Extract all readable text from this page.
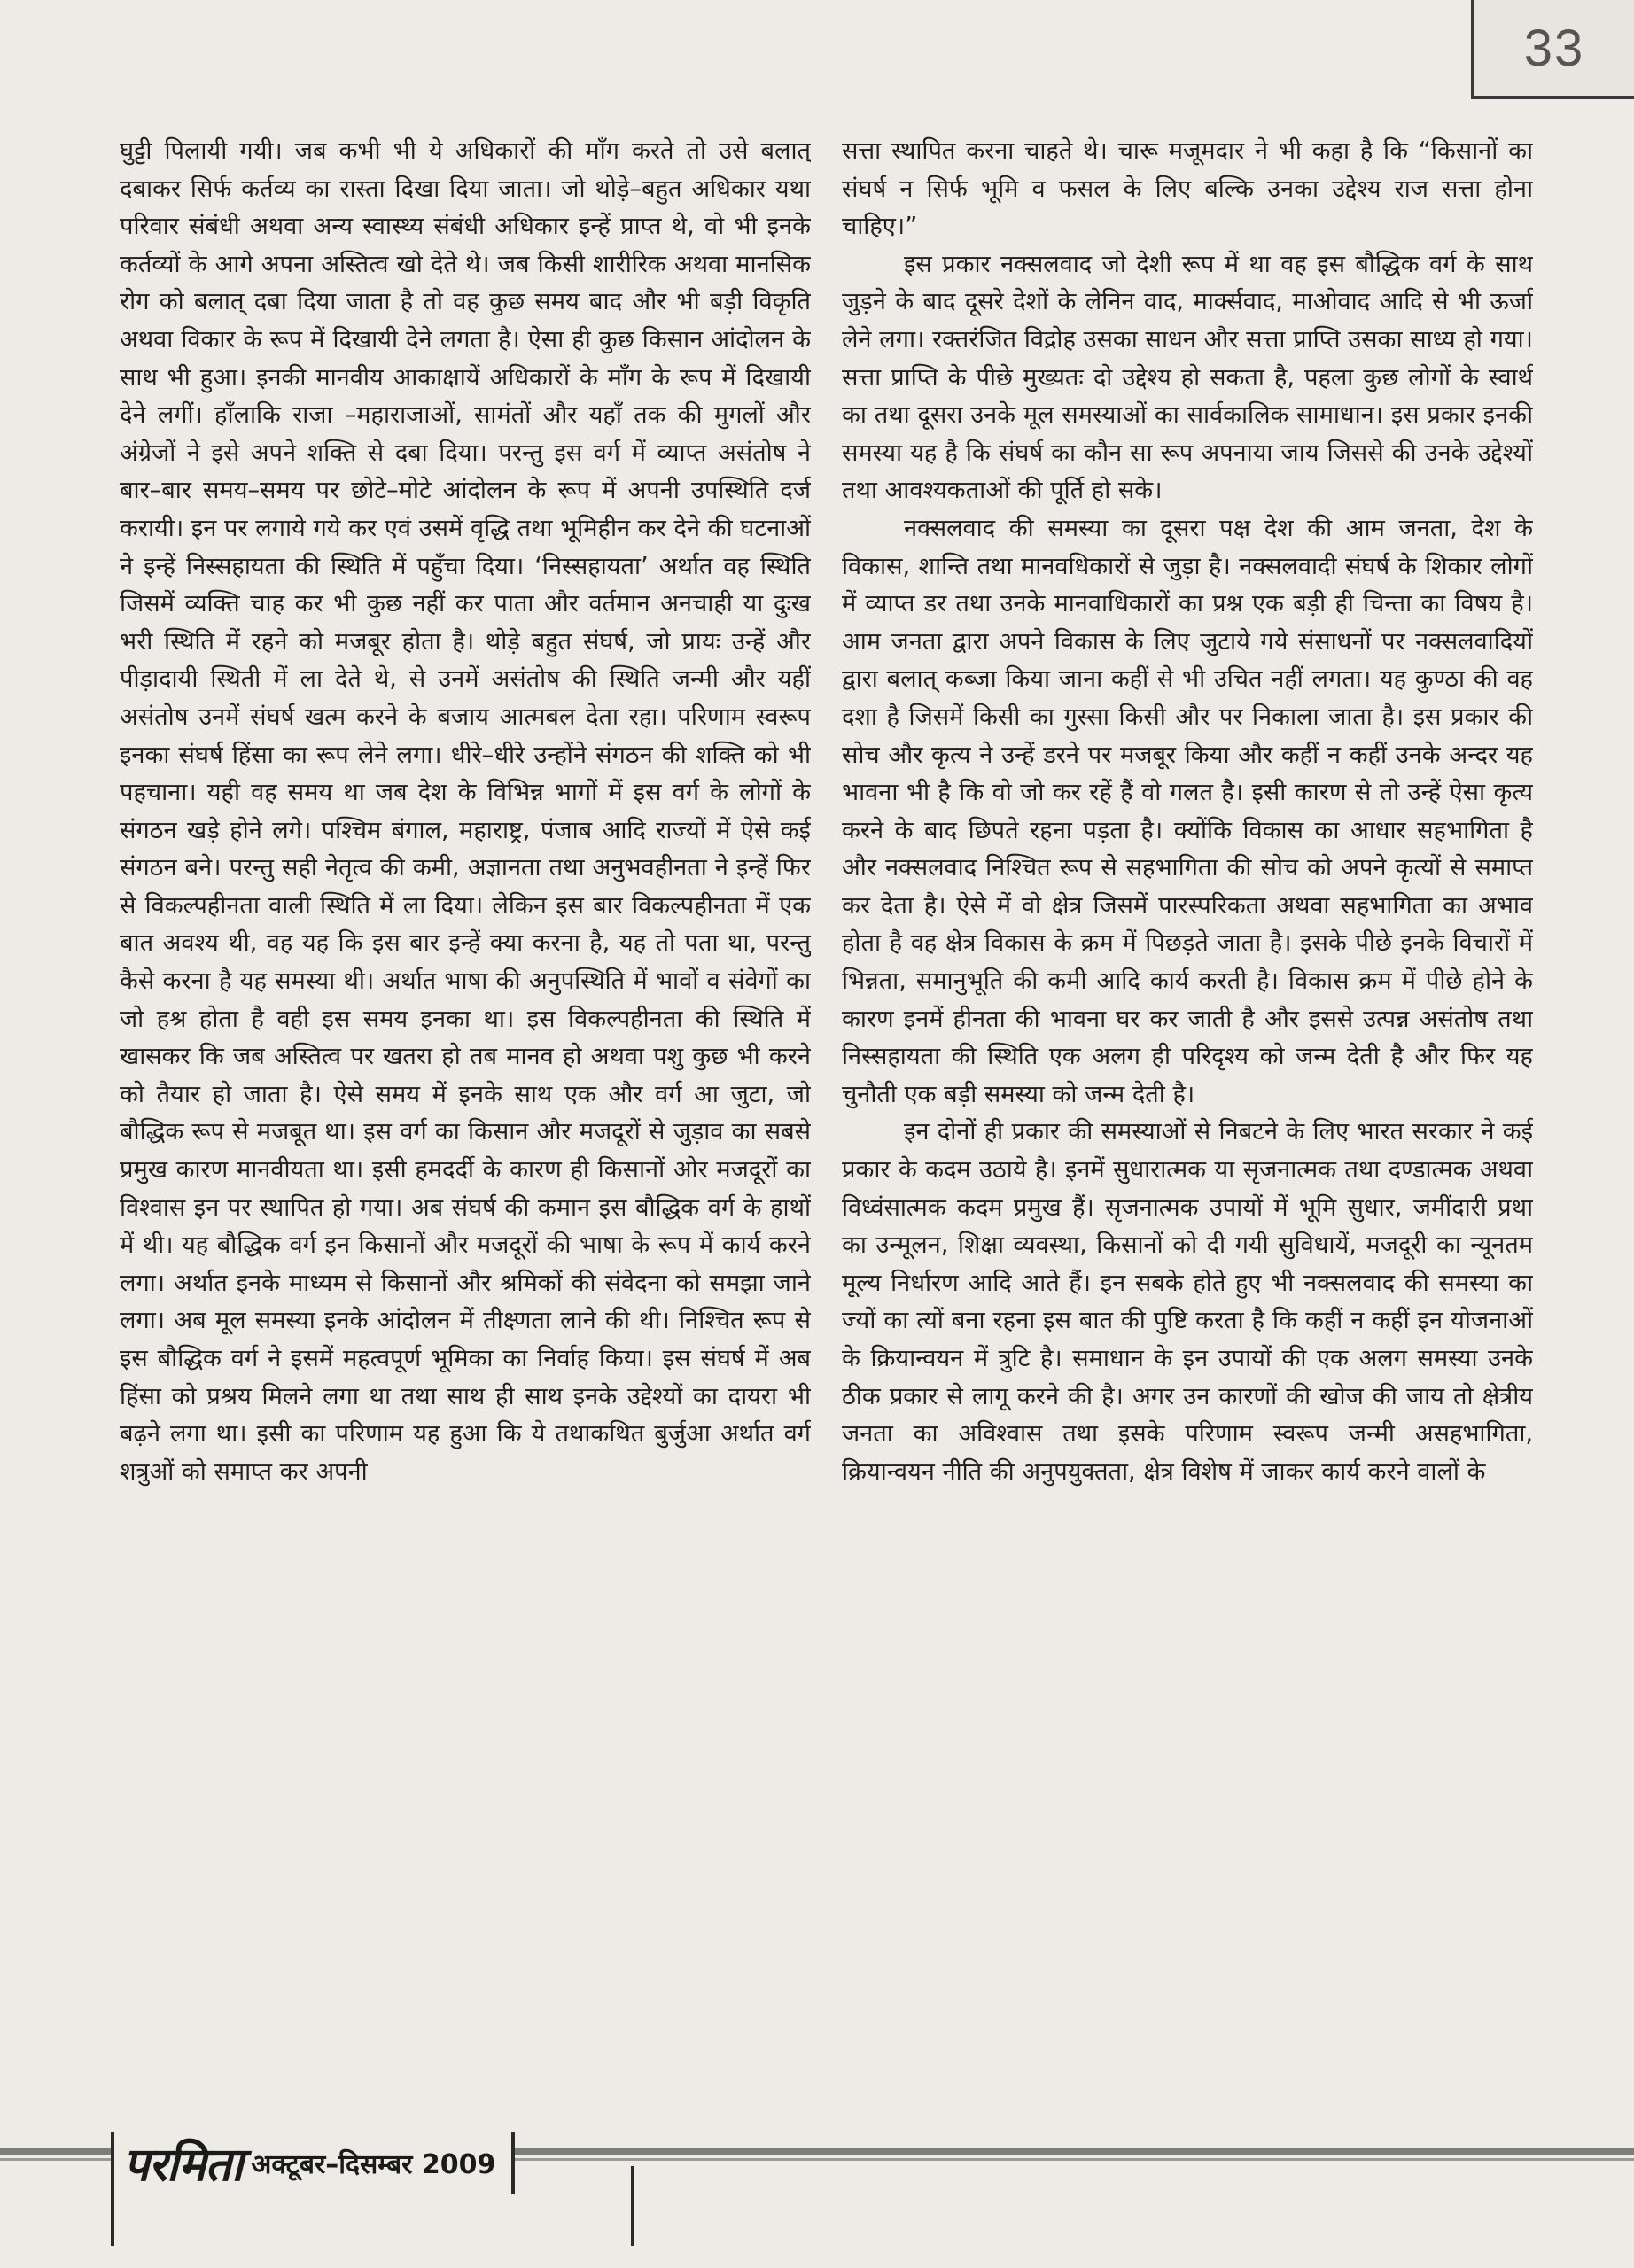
33

घुट्टी पिलायी गयी। जब कभी भी ये अधिकारों की माँग करते तो उसे बलात् दबाकर सिर्फ कर्तव्य का रास्ता दिखा दिया जाता। जो थोड़े–बहुत अधिकार यथा परिवार संबंधी अथवा अन्य स्वास्थ्य संबंधी अधिकार इन्हें प्राप्त थे, वो भी इनके कर्तव्यों के आगे अपना अस्तित्व खो देते थे। जब किसी शारीरिक अथवा मानसिक रोग को बलात् दबा दिया जाता है तो वह कुछ समय बाद और भी बड़ी विकृति अथवा विकार के रूप में दिखायी देने लगता है। ऐसा ही कुछ किसान आंदोलन के साथ भी हुआ। इनकी मानवीय आकाक्षायें अधिकारों के माँग के रूप में दिखायी देने लगीं। हाँलाकि राजा –महाराजाओं, सामंतों और यहाँ तक की मुगलों और अंग्रेजों ने इसे अपने शक्ति से दबा दिया। परन्तु इस वर्ग में व्याप्त असंतोष ने बार–बार समय–समय पर छोटे–मोटे आंदोलन के रूप में अपनी उपस्थिति दर्ज करायी। इन पर लगाये गये कर एवं उसमें वृद्धि तथा भूमिहीन कर देने की घटनाओं ने इन्हें निस्सहायता की स्थिति में पहुँचा दिया। ‘निस्सहायता’ अर्थात वह स्थिति जिसमें व्यक्ति चाह कर भी कुछ नहीं कर पाता और वर्तमान अनचाही या दुःख भरी स्थिति में रहने को मजबूर होता है। थोड़े बहुत संघर्ष, जो प्रायः उन्हें और पीड़ादायी स्थिती में ला देते थे, से उनमें असंतोष की स्थिति जन्मी और यहीं असंतोष उनमें संघर्ष खत्म करने के बजाय आत्मबल देता रहा। परिणाम स्वरूप इनका संघर्ष हिंसा का रूप लेने लगा। धीरे–धीरे उन्होंने संगठन की शक्ति को भी पहचाना। यही वह समय था जब देश के विभिन्न भागों में इस वर्ग के लोगों के संगठन खड़े होने लगे। पश्चिम बंगाल, महाराष्ट्र, पंजाब आदि राज्यों में ऐसे कई संगठन बने। परन्तु सही नेतृत्व की कमी, अज्ञानता तथा अनुभवहीनता ने इन्हें फिर से विकल्पहीनता वाली स्थिति में ला दिया। लेकिन इस बार विकल्पहीनता में एक बात अवश्य थी, वह यह कि इस बार इन्हें क्या करना है, यह तो पता था, परन्तु कैसे करना है यह समस्या थी। अर्थात भाषा की अनुपस्थिति में भावों व संवेगों का जो हश्र होता है वही इस समय इनका था। इस विकल्पहीनता की स्थिति में खासकर कि जब अस्तित्व पर खतरा हो तब मानव हो अथवा पशु कुछ भी करने को तैयार हो जाता है। ऐसे समय में इनके साथ एक और वर्ग आ जुटा, जो बौद्धिक रूप से मजबूत था। इस वर्ग का किसान और मजदूरों से जुड़ाव का सबसे प्रमुख कारण मानवीयता था। इसी हमदर्दी के कारण ही किसानों ओर मजदूरों का विश्वास इन पर स्थापित हो गया। अब संघर्ष की कमान इस बौद्धिक वर्ग के हाथों में थी। यह बौद्धिक वर्ग इन किसानों और मजदूरों की भाषा के रूप में कार्य करने लगा। अर्थात इनके माध्यम से किसानों और श्रमिकों की संवेदना को समझा जाने लगा। अब मूल समस्या इनके आंदोलन में तीक्ष्णता लाने की थी। निश्चित रूप से इस बौद्धिक वर्ग ने इसमें महत्वपूर्ण भूमिका का निर्वाह किया। इस संघर्ष में अब हिंसा को प्रश्रय मिलने लगा था तथा साथ ही साथ इनके उद्देश्यों का दायरा भी बढ़ने लगा था। इसी का परिणाम यह हुआ कि ये तथाकथित बुर्जुआ अर्थात वर्ग शत्रुओं को समाप्त कर अपनी

सत्ता स्थापित करना चाहते थे। चारू मजूमदार ने भी कहा है कि “किसानों का संघर्ष न सिर्फ भूमि व फसल के लिए बल्कि उनका उद्देश्य राज सत्ता होना चाहिए।”

इस प्रकार नक्सलवाद जो देशी रूप में था वह इस बौद्धिक वर्ग के साथ जुड़ने के बाद दूसरे देशों के लेनिन वाद, मार्क्सवाद, माओवाद आदि से भी ऊर्जा लेने लगा। रक्तरंजित विद्रोह उसका साधन और सत्ता प्राप्ति उसका साध्य हो गया। सत्ता प्राप्ति के पीछे मुख्यतः दो उद्देश्य हो सकता है, पहला कुछ लोगों के स्वार्थ का तथा दूसरा उनके मूल समस्याओं का सार्वकालिक सामाधान। इस प्रकार इनकी समस्या यह है कि संघर्ष का कौन सा रूप अपनाया जाय जिससे की उनके उद्देश्यों तथा आवश्यकताओं की पूर्ति हो सके।

नक्सलवाद की समस्या का दूसरा पक्ष देश की आम जनता, देश के विकास, शान्ति तथा मानवधिकारों से जुड़ा है। नक्सलवादी संघर्ष के शिकार लोगों में व्याप्त डर तथा उनके मानवाधिकारों का प्रश्न एक बड़ी ही चिन्ता का विषय है। आम जनता द्वारा अपने विकास के लिए जुटाये गये संसाधनों पर नक्सलवादियों द्वारा बलात् कब्जा किया जाना कहीं से भी उचित नहीं लगता। यह कुण्ठा की वह दशा है जिसमें किसी का गुस्सा किसी और पर निकाला जाता है। इस प्रकार की सोच और कृत्य ने उन्हें डरने पर मजबूर किया और कहीं न कहीं उनके अन्दर यह भावना भी है कि वो जो कर रहें हैं वो गलत है। इसी कारण से तो उन्हें ऐसा कृत्य करने के बाद छिपते रहना पड़ता है। क्योंकि विकास का आधार सहभागिता है और नक्सलवाद निश्चित रूप से सहभागिता की सोच को अपने कृत्यों से समाप्त कर देता है। ऐसे में वो क्षेत्र जिसमें पारस्परिकता अथवा सहभागिता का अभाव होता है वह क्षेत्र विकास के क्रम में पिछड़ते जाता है। इसके पीछे इनके विचारों में भिन्नता, समानुभूति की कमी आदि कार्य करती है। विकास क्रम में पीछे होने के कारण इनमें हीनता की भावना घर कर जाती है और इससे उत्पन्न असंतोष तथा निस्सहायता की स्थिति एक अलग ही परिदृश्य को जन्म देती है और फिर यह चुनौती एक बड़ी समस्या को जन्म देती है।

इन दोनों ही प्रकार की समस्याओं से निबटने के लिए भारत सरकार ने कई प्रकार के कदम उठाये है। इनमें सुधारात्मक या सृजनात्मक तथा दण्डात्मक अथवा विध्वंसात्मक कदम प्रमुख हैं। सृजनात्मक उपायों में भूमि सुधार, जमींदारी प्रथा का उन्मूलन, शिक्षा व्यवस्था, किसानों को दी गयी सुविधायें, मजदूरी का न्यूनतम मूल्य निर्धारण आदि आते हैं। इन सबके होते हुए भी नक्सलवाद की समस्या का ज्यों का त्यों बना रहना इस बात की पुष्टि करता है कि कहीं न कहीं इन योजनाओं के क्रियान्वयन में त्रुटि है। समाधान के इन उपायों की एक अलग समस्या उनके ठीक प्रकार से लागू करने की है। अगर उन कारणों की खोज की जाय तो क्षेत्रीय जनता का अविश्वास तथा इसके परिणाम स्वरूप जन्मी असहभागिता, क्रियान्वयन नीति की अनुपयुक्तता, क्षेत्र विशेष में जाकर कार्य करने वालों के

परमिता अक्टूबर–दिसम्बर 2009
